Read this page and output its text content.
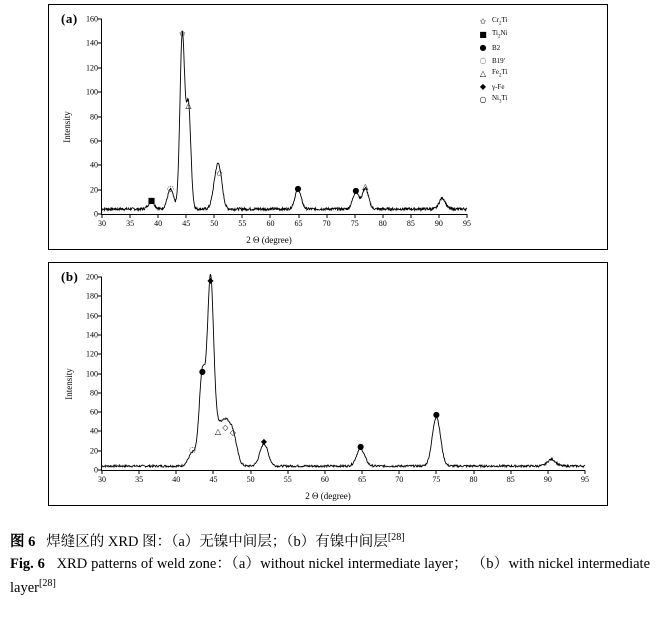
(a)
Intensity
2 Θ (degree)
30	35	40	45	50	55	60	65	70	75	80	85	90	95
0
20
40
60
80
100
120
140
160
■
◌
✩
△
✩
●	● △
✩ $Cr_2Ti$
■ $Ti_2Ni$
● B2
◌ B19'
△ $Fe_2Ti$
◆ γ-Fe
○ $Ni_3Ti$
(b)
Intensity
2 Θ (degree)
30	35	40	45	50	55	60	65	70	75	80	85	90	95
0
20
40
60
80
100
120
140
160
180
200
◌
●
◆
△ ◇
◇
◆
●
●
图 6 焊缝区的 XRD 图：（a）无镍中间层；（b）有镍中间层[28]
Fig. 6 XRD patterns of weld zone：（a）without nickel intermediate layer； （b）with nickel intermediate layer[28]
